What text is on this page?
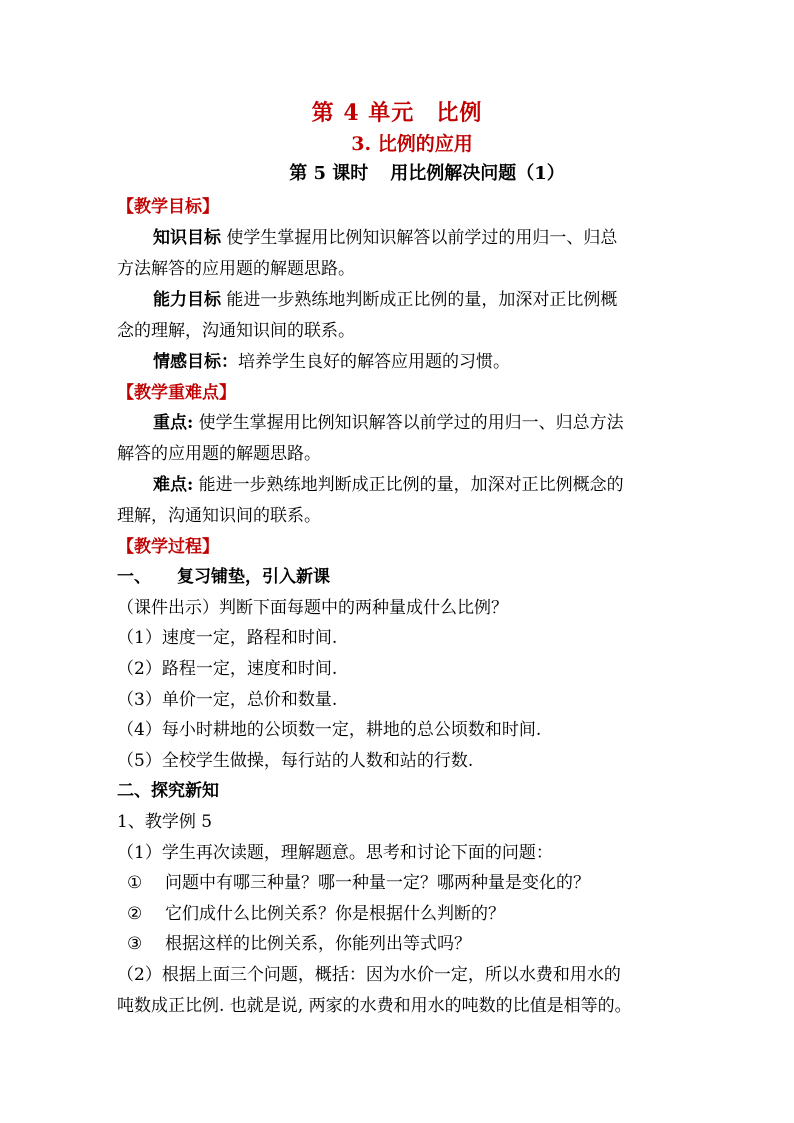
第 4 单元 比例
3. 比例的应用
第 5 课时 用比例解决问题（1）
【教学目标】
知识目标 使学生掌握用比例知识解答以前学过的用归一、归总
方法解答的应用题的解题思路。
能力目标 能进一步熟练地判断成正比例的量，加深对正比例概
念的理解，沟通知识间的联系。
情感目标：培养学生良好的解答应用题的习惯。
【教学重难点】
重点: 使学生掌握用比例知识解答以前学过的用归一、归总方法
解答的应用题的解题思路。
难点: 能进一步熟练地判断成正比例的量，加深对正比例概念的
理解，沟通知识间的联系。
【教学过程】
一、 复习铺垫，引入新课
（课件出示）判断下面每题中的两种量成什么比例？
（1）速度一定，路程和时间.
（2）路程一定，速度和时间.
（3）单价一定，总价和数量.
（4）每小时耕地的公顷数一定，耕地的总公顷数和时间.
（5）全校学生做操，每行站的人数和站的行数.
二、探究新知
1、教学例 5
（1）学生再次读题，理解题意。思考和讨论下面的问题：
① 问题中有哪三种量？哪一种量一定？哪两种量是变化的？
② 它们成什么比例关系？你是根据什么判断的？
③ 根据这样的比例关系，你能列出等式吗？
（2）根据上面三个问题，概括：因为水价一定，所以水费和用水的
吨数成正比例. 也就是说, 两家的水费和用水的吨数的比值是相等的。
